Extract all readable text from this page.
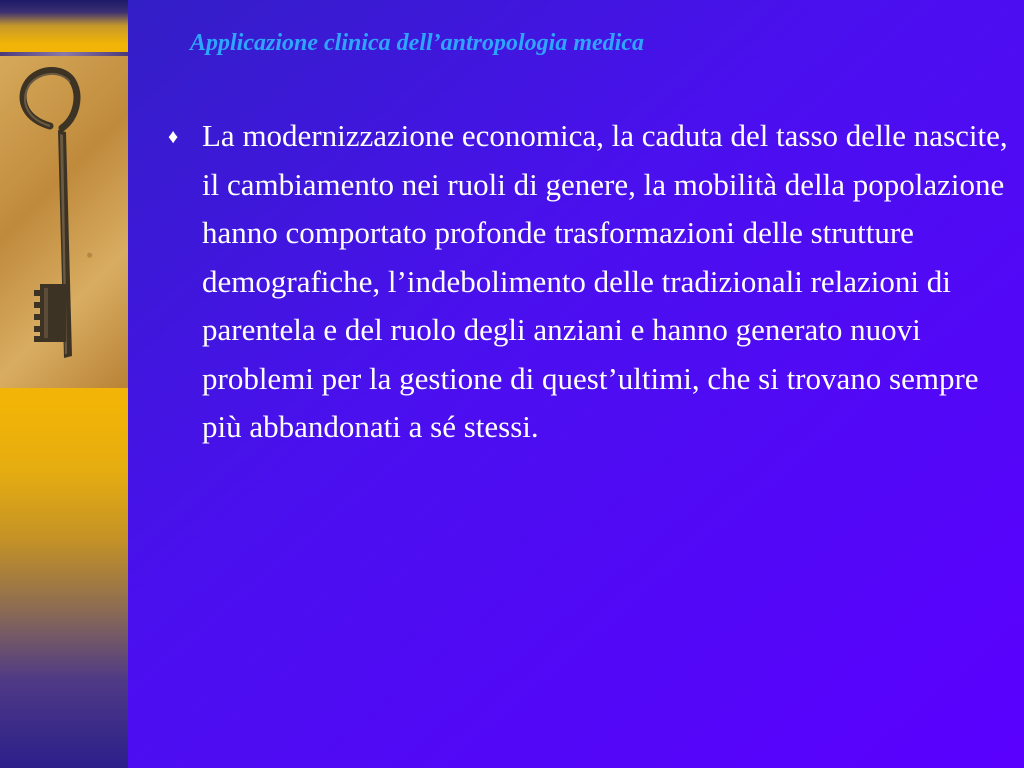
Applicazione clinica dell’antropologia medica
♦ La modernizzazione economica, la caduta del tasso delle nascite, il cambiamento nei ruoli di genere, la mobilità della popolazione hanno comportato profonde trasformazioni delle strutture demografiche, l’indebolimento delle tradizionali relazioni di parentela e del ruolo degli anziani e hanno generato nuovi problemi per la gestione di quest’ultimi, che si trovano sempre più abbandonati a sé stessi.
